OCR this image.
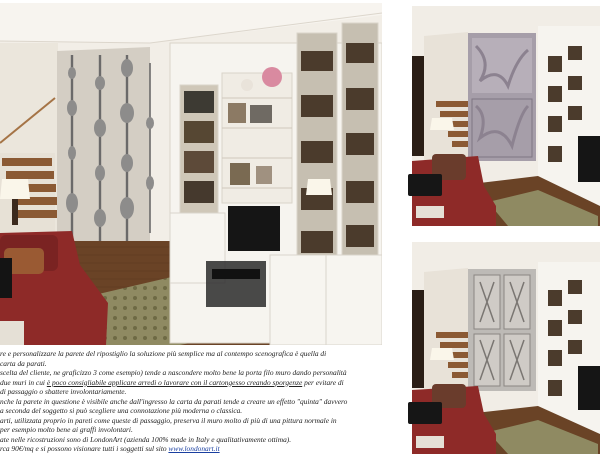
re e personalizzare la parete del ripostiglio la soluzione più semplice ma al contempo scenografica è quella di
carta da parati.
scelta del cliente, ne graficizzo 3 come esempio) tende a nascondere molto bene la porta filo muro dando personalità
due muri in cui è poco consigliabile applicare arredi o lavorare con il cartongesso creando sporgenze per evitare di
di passaggio o sbattere involontariamente.
nche la parete in questione è visibile anche dall'ingresso la carta da parati tende a creare un effetto "quinta" davvero
a seconda del soggetto si può scegliere una connotazione più moderna o classica.
arti, utilizzata proprio in pareti come queste di passaggio, preserva il muro molto di più di una pittura normale in
per esempio molto bene ai graffi involontari.
ate nelle ricostruzioni sono di LondonArt (azienda 100% made in Italy e qualitativamente ottima).
rca 90€/mq e si possono visionare tutti i soggetti sul sito www.londonart.it
